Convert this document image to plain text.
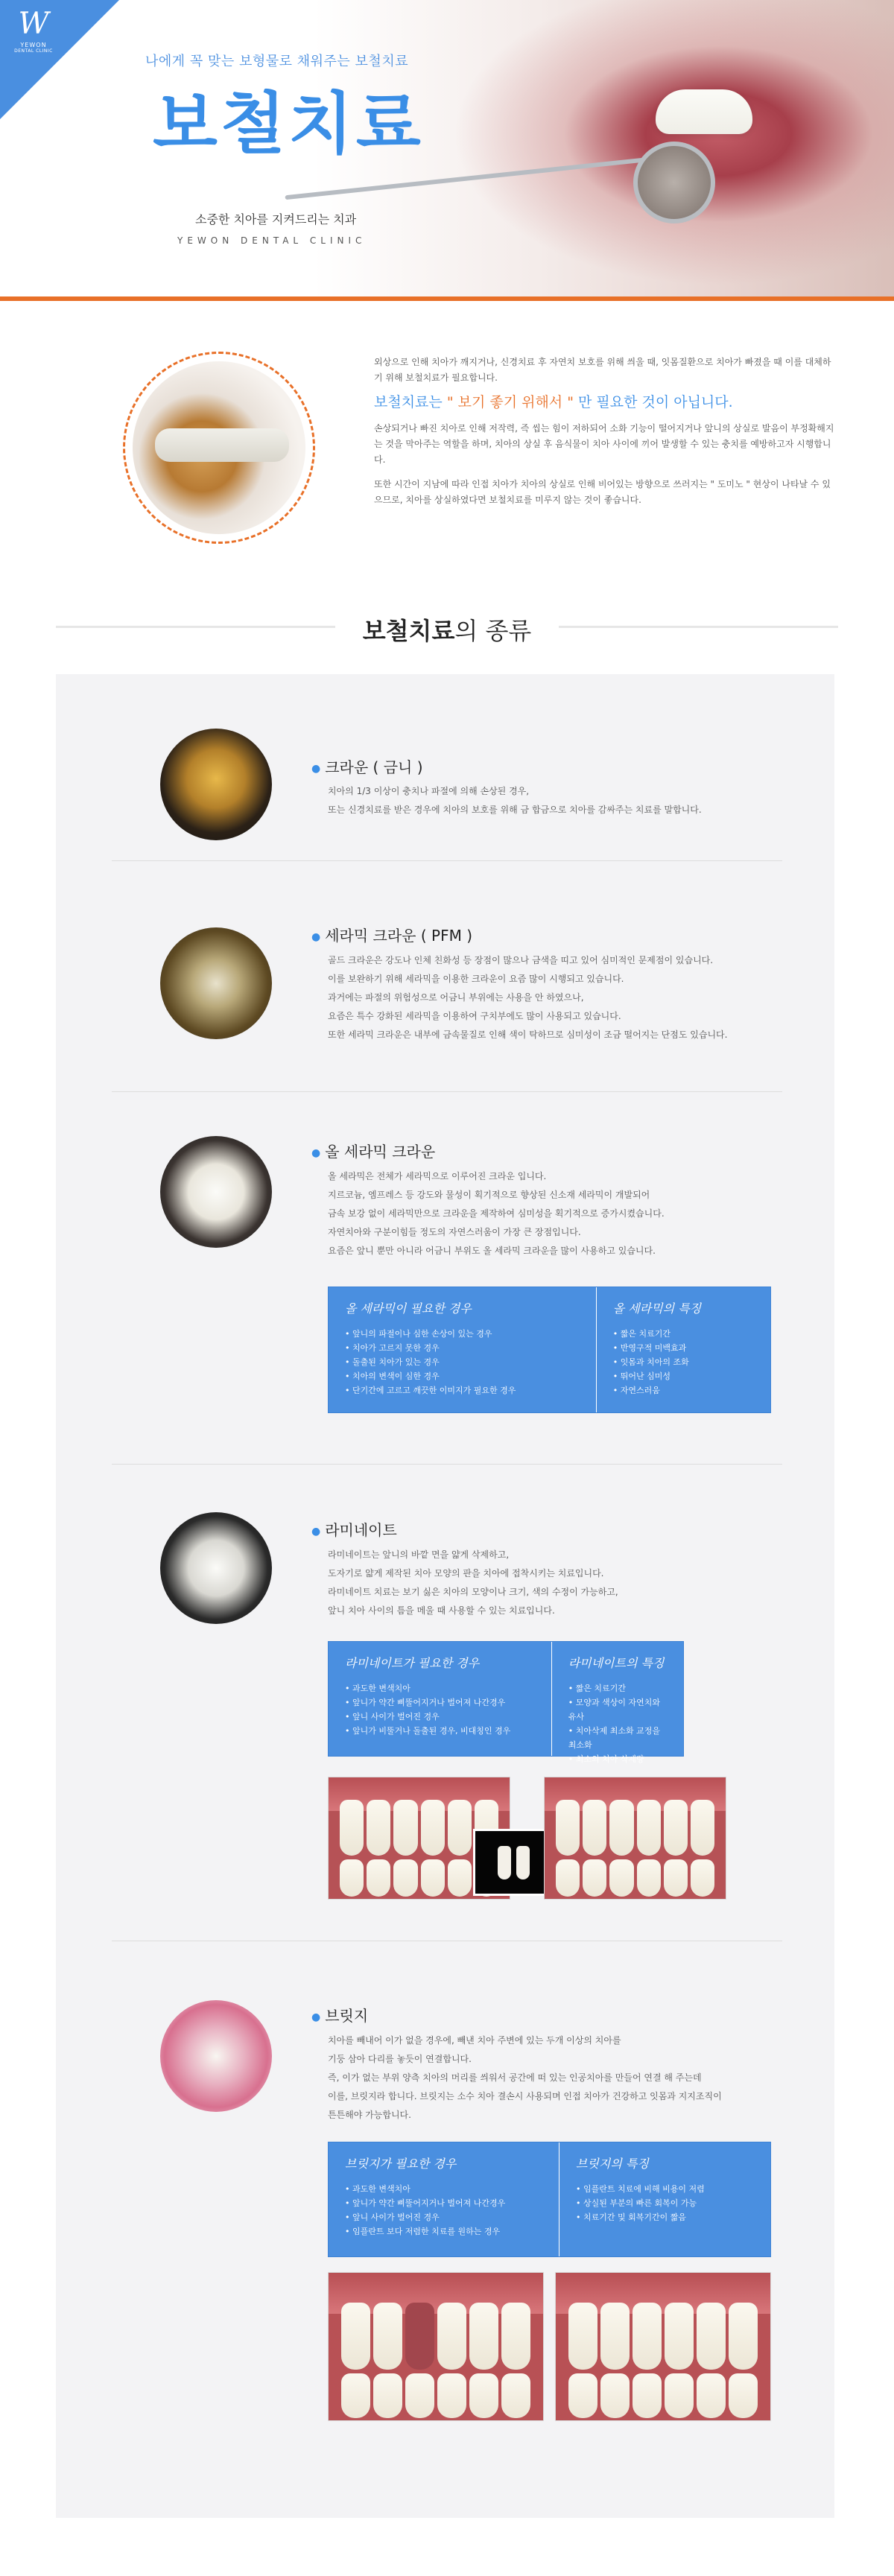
W
YEWON
DENTAL CLINIC
나에게 꼭 맞는 보형물로 채워주는 보철치료
보철치료
소중한 치아를 지켜드리는 치과
YEWON DENTAL CLINIC

외상으로 인해 치아가 깨지거나, 신경치료 후 자연치 보호를 위해 씌울 때, 잇몸질환으로 치아가 빠졌을 때 이를 대체하기 위해 보철치료가 필요합니다.

보철치료는 " 보기 좋기 위해서 " 만 필요한 것이 아닙니다.

손상되거나 빠진 치아로 인해 저작력, 즉 씹는 힘이 저하되어 소화 기능이 떨어지거나 앞니의 상실로 발음이 부정확해지는 것을 막아주는 역할을 하며, 치아의 상실 후 음식물이 치아 사이에 끼어 발생할 수 있는 충치를 예방하고자 시행합니다.

또한 시간이 지남에 따라 인접 치아가 치아의 상실로 인해 비어있는 방향으로 쓰러지는 " 도미노 " 현상이 나타날 수 있으므로, 치아를 상실하였다면 보철치료를 미루지 않는 것이 좋습니다.

보철치료의 종류
● 크라운 ( 금니 )
치아의 1/3 이상이 충치나 파절에 의해 손상된 경우,
또는 신경치료를 받은 경우에 치아의 보호를 위해 금 합금으로 치아를 감싸주는 치료를 말합니다.
● 세라믹 크라운 ( PFM )
골드 크라운은 강도나 인체 친화성 등 장점이 많으나 금색을 띠고 있어 심미적인 문제점이 있습니다.
이를 보완하기 위해 세라믹을 이용한 크라운이 요즘 많이 시행되고 있습니다.
과거에는 파절의 위험성으로 어금니 부위에는 사용을 안 하였으나,
요즘은 특수 강화된 세라믹을 이용하여 구치부에도 많이 사용되고 있습니다.
또한 세라믹 크라운은 내부에 금속물질로 인해 색이 탁하므로 심미성이 조금 떨어지는 단점도 있습니다.
● 올 세라믹 크라운
올 세라믹은 전체가 세라믹으로 이루어진 크라운 입니다.
지르코늄, 엠프레스 등 강도와 물성이 획기적으로 향상된 신소재 세라믹이 개발되어
금속 보강 없이 세라믹만으로 크라운을 제작하여 심미성을 획기적으로 증가시켰습니다.
자연치아와 구분이힘들 정도의 자연스러움이 가장 큰 장점입니다.
요즘은 앞니 뿐만 아니라 어금니 부위도 올 세라믹 크라운을 많이 사용하고 있습니다.
올 세라믹이 필요한 경우
• 앞니의 파절이나 심한 손상이 있는 경우
• 치아가 고르지 못한 경우
• 돌출된 치아가 있는 경우
• 치아의 변색이 심한 경우
• 단기간에 고르고 깨끗한 이미지가 필요한 경우
올 세라믹의 특징
• 짧은 치료기간
• 반영구적 미백효과
• 잇몸과 치아의 조화
• 뛰어난 심미성
• 자연스러움
● 라미네이트
라미네이트는 앞니의 바깥 면을 얇게 삭제하고,
도자기로 얇게 제작된 치아 모양의 판을 치아에 접착시키는 치료입니다.
라미네이트 치료는 보기 싫은 치아의 모양이나 크기, 색의 수정이 가능하고,
앞니 치아 사이의 틈을 메울 때 사용할 수 있는 치료입니다.
라미네이트가 필요한 경우
• 과도한 변색치아
• 앞니가 약간 삐뚤어지거나 벌어져 나간경우
• 앞니 사이가 벌어진 경우
• 앞니가 비뚤거나 돌출된 경우, 비대칭인 경우
라미네이트의 특징
• 짧은 치료기간
• 모양과 색상이 자연치와 유사
• 치아삭제 최소화 교정을 최소화
• 최소의 치아 삭제량
● 브릿지
치아를 빼내어 이가 없을 경우에, 빼낸 치아 주변에 있는 두개 이상의 치아를
기둥 삼아 다리를 놓듯이 연결합니다.
즉, 이가 없는 부위 양측 치아의 머리를 씌워서 공간에 떠 있는 인공치아를 만들어 연결 해 주는데
이를, 브릿지라 합니다. 브릿지는 소수 치아 결손시 사용되며 인접 치아가 건강하고 잇몸과 지지조직이
튼튼해야 가능합니다.
브릿지가 필요한 경우
• 과도한 변색치아
• 앞니가 약간 삐뚤어지거나 벌어져 나간경우
• 앞니 사이가 벌어진 경우
• 임플란트 보다 저렴한 치료를 원하는 경우
브릿지의 특징
• 임플란트 치료에 비해 비용이 저렴
• 상실된 부분의 빠른 회복이 가능
• 치료기간 및 회복기간이 짧음
